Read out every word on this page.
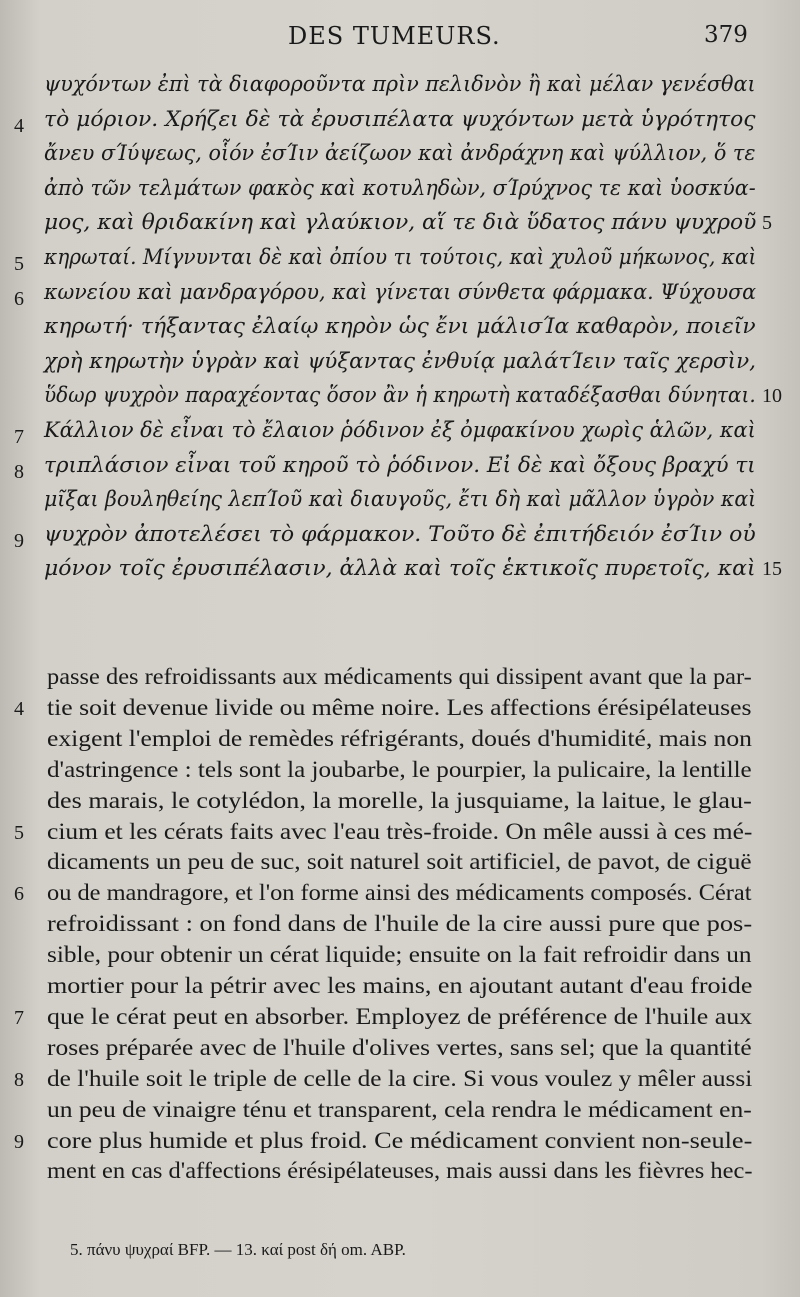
DES TUMEURS.	379
ψυχόντων ἐπὶ τὰ διαφοροῦντα πρὶν πελιδνὸν ἢ καὶ μέλαν γενέσθαι
τὸ μόριον. Χρήζει δὲ τὰ ἐρυσιπέλατα ψυχόντων μετὰ ὑγρότητος
4
ἄνευ σΊύψεως, οἷόν ἐσΊιν ἀείζωον καὶ ἀνδράχνη καὶ ψύλλιον, ὅ τε
ἀπὸ τῶν τελμάτων φακὸς καὶ κοτυληδὼν, σΊρύχνος τε καὶ ὑοσκύα-
μος, καὶ θριδακίνη καὶ γλαύκιον, αἵ τε διὰ ὕδατος πάνυ ψυχροῦ 5
κηρωταί. Μίγνυνται δὲ καὶ ὀπίου τι τούτοις, καὶ χυλοῦ μήκωνος, καὶ
5
κωνείου καὶ μανδραγόρου, καὶ γίνεται σύνθετα φάρμακα. Ψύχουσα
6
κηρωτή· τήξαντας ἐλαίῳ κηρὸν ὡς ἔνι μάλισΊα καθαρὸν, ποιεῖν
χρὴ κηρωτὴν ὑγρὰν καὶ ψύξαντας ἐνθυίᾳ μαλάτΊειν ταῖς χερσὶν,
ὕδωρ ψυχρὸν παραχέοντας ὅσον ἂν ἡ κηρωτὴ καταδέξασθαι δύνηται. 10
Κάλλιον δὲ εἶναι τὸ ἔλαιον ῥόδινον ἐξ ὀμφακίνου χωρὶς ἁλῶν, καὶ
7
τριπλάσιον εἶναι τοῦ κηροῦ τὸ ῥόδινον. Εἰ δὲ καὶ ὄξους βραχύ τι
8
μῖξαι βουληθείης λεπΊοῦ καὶ διαυγοῦς, ἔτι δὴ καὶ μᾶλλον ὑγρὸν καὶ
ψυχρὸν ἀποτελέσει τὸ φάρμακον. Τοῦτο δὲ ἐπιτήδειόν ἐσΊιν οὐ
9
μόνον τοῖς ἐρυσιπέλασιν, ἀλλὰ καὶ τοῖς ἑκτικοῖς πυρετοῖς, καὶ 15
passe des refroidissants aux médicaments qui dissipent avant que la par-
tie soit devenue livide ou même noire. Les affections érésipélateuses
4
exigent l'emploi de remèdes réfrigérants, doués d'humidité, mais non
d'astringence : tels sont la joubarbe, le pourpier, la pulicaire, la lentille
des marais, le cotylédon, la morelle, la jusquiame, la laitue, le glau-
cium et les cérats faits avec l'eau très-froide. On mêle aussi à ces mé-
5
dicaments un peu de suc, soit naturel soit artificiel, de pavot, de ciguë
ou de mandragore, et l'on forme ainsi des médicaments composés. Cérat
6
refroidissant : on fond dans de l'huile de la cire aussi pure que pos-
sible, pour obtenir un cérat liquide; ensuite on la fait refroidir dans un
mortier pour la pétrir avec les mains, en ajoutant autant d'eau froide
que le cérat peut en absorber. Employez de préférence de l'huile aux
7
roses préparée avec de l'huile d'olives vertes, sans sel; que la quantité
de l'huile soit le triple de celle de la cire. Si vous voulez y mêler aussi
8
un peu de vinaigre ténu et transparent, cela rendra le médicament en-
core plus humide et plus froid. Ce médicament convient non-seule-
9
ment en cas d'affections érésipélateuses, mais aussi dans les fièvres hec-
5. πάνυ ψυχραί BFP. — 13. καί post δή om. ABP.
